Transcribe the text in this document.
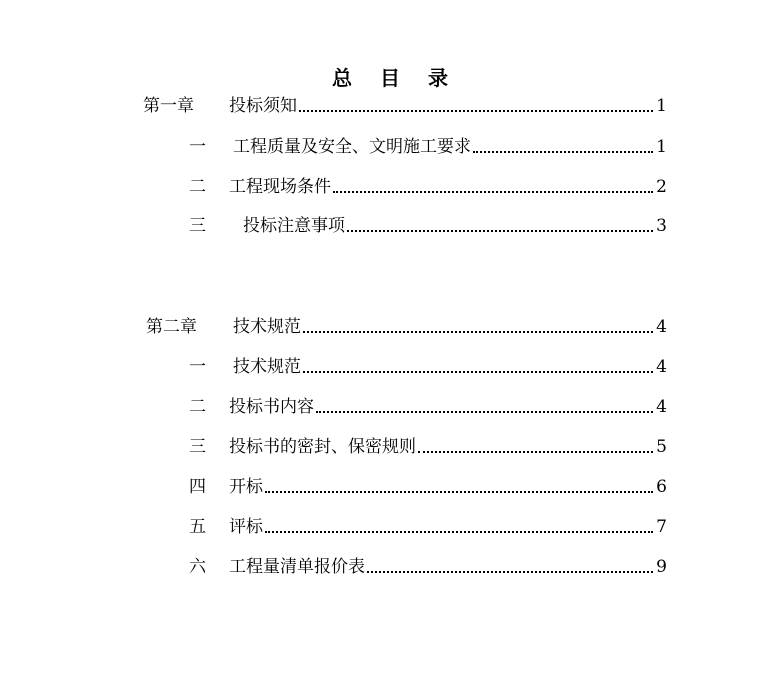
总 目 录
第一章	投标须知	1
一	工程质量及安全、文明施工要求	1
二	工程现场条件	2
三	投标注意事项	3
第二章	技术规范	4
一	技术规范	4
二	投标书内容	4
三	投标书的密封、保密规则	5
四	开标	6
五	评标	7
六	工程量清单报价表	9
